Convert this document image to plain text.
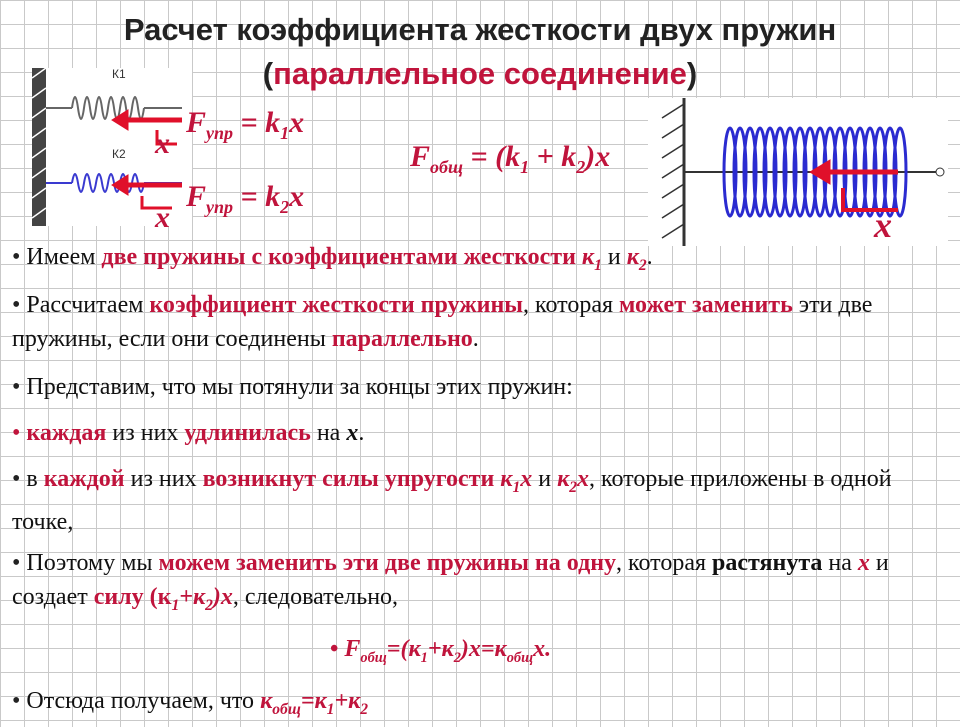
Расчет коэффициента жесткости двух пружин
(параллельное соединение)
К1
К2 x
x
$F_{упр} = k_1x$
$F_{упр} = k_2x$
$F_{общ} = (k_1 + k_2)x$
x
• Имеем две пружины с коэффициентами жесткости $к_1$ и $к_2$.
• Рассчитаем коэффициент жесткости пружины, которая может заменить эти две пружины, если они соединены параллельно.
• Представим, что мы потянули за концы этих пружин:
• каждая из них удлинилась на x.
• в каждой из них возникнут силы упругости $к_1х$ и $к_2х$, которые приложены в одной точке,
• Поэтому мы можем заменить эти две пружины на одну, которая растянута на x и создает силу $(к_1+к_2)х$, следовательно,
• $F_{общ}=(к_1+к_2)х=к_{общ}х$.
• Отсюда получаем, что $к_{общ}=к_1+к_2$
